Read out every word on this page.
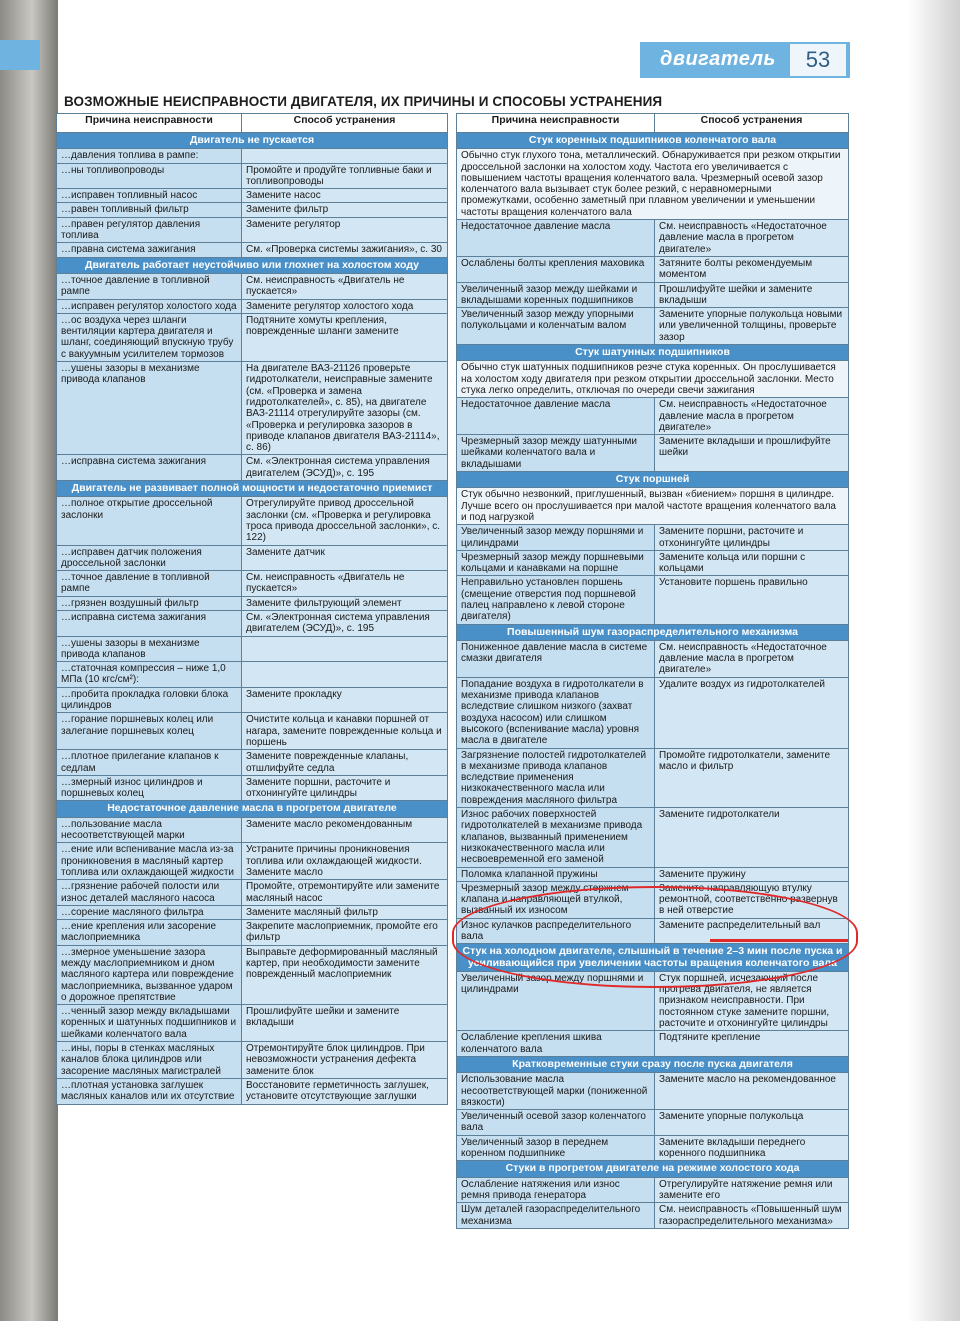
двигатель	53
ВОЗМОЖНЫЕ НЕИСПРАВНОСТИ ДВИГАТЕЛЯ, ИХ ПРИЧИНЫ И СПОСОБЫ УСТРАНЕНИЯ
Причина неисправности	Способ устранения
Двигатель не пускается	
…давления топлива в рампе:	
…ны топливопроводы	Промойте и продуйте топливные баки и топливопроводы
…исправен топливный насос	Замените насос
…равен топливный фильтр	Замените фильтр
…правен регулятор давления топлива	Замените регулятор
…правна система зажигания	См. «Проверка системы зажигания», с. 30
Двигатель работает неустойчиво или глохнет на холостом ходу	
…точное давление в топливной рампе	См. неисправность «Двигатель не пускается»
…исправен регулятор холостого хода	Замените регулятор холостого хода
…ос воздуха через шланги вентиляции картера двигателя и шланг, соединяющий впускную трубу с вакуумным усилителем тормозов	Подтяните хомуты крепления, поврежденные шланги замените
…ушены зазоры в механизме привода клапанов	На двигателе ВАЗ-21126 проверьте гидротолкатели, неисправные замените (см. «Проверка и замена гидротолкателей», с. 85), на двигателе ВАЗ-21114 отрегулируйте зазоры (см. «Проверка и регулировка зазоров в приводе клапанов двигателя ВАЗ-21114», с. 86)
…исправна система зажигания	См. «Электронная система управления двигателем (ЭСУД)», с. 195
Двигатель не развивает полной мощности и недостаточно приемист	
…полное открытие дроссельной заслонки	Отрегулируйте привод дроссельной заслонки (см. «Проверка и регулировка троса привода дроссельной заслонки», с. 122)
…исправен датчик положения дроссельной заслонки	Замените датчик
…точное давление в топливной рампе	См. неисправность «Двигатель не пускается»
…грязнен воздушный фильтр	Замените фильтрующий элемент
…исправна система зажигания	См. «Электронная система управления двигателем (ЭСУД)», с. 195
…ушены зазоры в механизме привода клапанов	
…статочная компрессия – ниже 1,0 МПа (10 кгс/см²):	
…пробита прокладка головки блока цилиндров	Замените прокладку
…горание поршневых колец или залегание поршневых колец	Очистите кольца и канавки поршней от нагара, замените поврежденные кольца и поршень
…плотное прилегание клапанов к седлам	Замените поврежденные клапаны, отшлифуйте седла
…змерный износ цилиндров и поршневых колец	Замените поршни, расточите и отхонингуйте цилиндры
Недостаточное давление масла в прогретом двигателе	
…пользование масла несоответствующей марки	Замените масло рекомендованным
…ение или вспенивание масла из-за проникновения в масляный картер топлива или охлаждающей жидкости	Устраните причины проникновения топлива или охлаждающей жидкости. Замените масло
…грязнение рабочей полости или износ деталей масляного насоса	Промойте, отремонтируйте или замените масляный насос
…сорение масляного фильтра	Замените масляный фильтр
…ение крепления или засорение маслоприемника	Закрепите маслоприемник, промойте его фильтр
…змерное уменьшение зазора между маслоприемником и дном масляного картера или повреждение маслоприемника, вызванное ударом о дорожное препятствие	Выправьте деформированный масляный картер, при необходимости замените поврежденный маслоприемник
…ченный зазор между вкладышами коренных и шатунных подшипников и шейками коленчатого вала	Прошлифуйте шейки и замените вкладыши
…ины, поры в стенках масляных каналов блока цилиндров или засорение масляных магистралей	Отремонтируйте блок цилиндров. При невозможности устранения дефекта замените блок
…плотная установка заглушек масляных каналов или их отсутствие	Восстановите герметичность заглушек, установите отсутствующие заглушки
Причина неисправности	Способ устранения
Стук коренных подшипников коленчатого вала	
Обычно стук глухого тона, металлический. Обнаруживается при резком открытии дроссельной заслонки на холостом ходу. Частота его увеличивается с повышением частоты вращения коленчатого вала. Чрезмерный осевой зазор коленчатого вала вызывает стук более резкий, с неравномерными промежутками, особенно заметный при плавном увеличении и уменьшении частоты вращения коленчатого вала	
Недостаточное давление масла	См. неисправность «Недостаточное давление масла в прогретом двигателе»
Ослаблены болты крепления маховика	Затяните болты рекомендуемым моментом
Увеличенный зазор между шейками и вкладышами коренных подшипников	Прошлифуйте шейки и замените вкладыши
Увеличенный зазор между упорными полукольцами и коленчатым валом	Замените упорные полукольца новыми или увеличенной толщины, проверьте зазор
Стук шатунных подшипников	
Обычно стук шатунных подшипников резче стука коренных. Он прослушивается на холостом ходу двигателя при резком открытии дроссельной заслонки. Место стука легко определить, отключая по очереди свечи зажигания	
Недостаточное давление масла	См. неисправность «Недостаточное давление масла в прогретом двигателе»
Чрезмерный зазор между шатунными шейками коленчатого вала и вкладышами	Замените вкладыши и прошлифуйте шейки
Стук поршней	
Стук обычно незвонкий, приглушенный, вызван «биением» поршня в цилиндре. Лучше всего он прослушивается при малой частоте вращения коленчатого вала и под нагрузкой	
Увеличенный зазор между поршнями и цилиндрами	Замените поршни, расточите и отхонингуйте цилиндры
Чрезмерный зазор между поршневыми кольцами и канавками на поршне	Замените кольца или поршни с кольцами
Неправильно установлен поршень (смещение отверстия под поршневой палец направлено к левой стороне двигателя)	Установите поршень правильно
Повышенный шум газораспределительного механизма	
Пониженное давление масла в системе смазки двигателя	См. неисправность «Недостаточное давление масла в прогретом двигателе»
Попадание воздуха в гидротолкатели в механизме привода клапанов вследствие слишком низкого (захват воздуха насосом) или слишком высокого (вспенивание масла) уровня масла в двигателе	Удалите воздух из гидротолкателей
Загрязнение полостей гидротолкателей в механизме привода клапанов вследствие применения низкокачественного масла или повреждения масляного фильтра	Промойте гидротолкатели, замените масло и фильтр
Износ рабочих поверхностей гидротолкателей в механизме привода клапанов, вызванный применением низкокачественного масла или несвоевременной его заменой	Замените гидротолкатели
Поломка клапанной пружины	Замените пружину
Чрезмерный зазор между стержнем клапана и направляющей втулкой, вызванный их износом	Замените направляющую втулку ремонтной, соответственно развернув в ней отверстие
Износ кулачков распределительного вала	Замените распределительный вал
Стук на холодном двигателе, слышный в течение 2–3 мин после пуска и усиливающийся при увеличении частоты вращения коленчатого вала	
Увеличенный зазор между поршнями и цилиндрами	Стук поршней, исчезающий после прогрева двигателя, не является признаком неисправности. При постоянном стуке замените поршни, расточите и отхонингуйте цилиндры
Ослабление крепления шкива коленчатого вала	Подтяните крепление
Кратковременные стуки сразу после пуска двигателя	
Использование масла несоответствующей марки (пониженной вязкости)	Замените масло на рекомендованное
Увеличенный осевой зазор коленчатого вала	Замените упорные полукольца
Увеличенный зазор в переднем коренном подшипнике	Замените вкладыши переднего коренного подшипника
Стуки в прогретом двигателе на режиме холостого хода	
Ослабление натяжения или износ ремня привода генератора	Отрегулируйте натяжение ремня или замените его
Шум деталей газораспределительного механизма	См. неисправность «Повышенный шум газораспределительного механизма»
